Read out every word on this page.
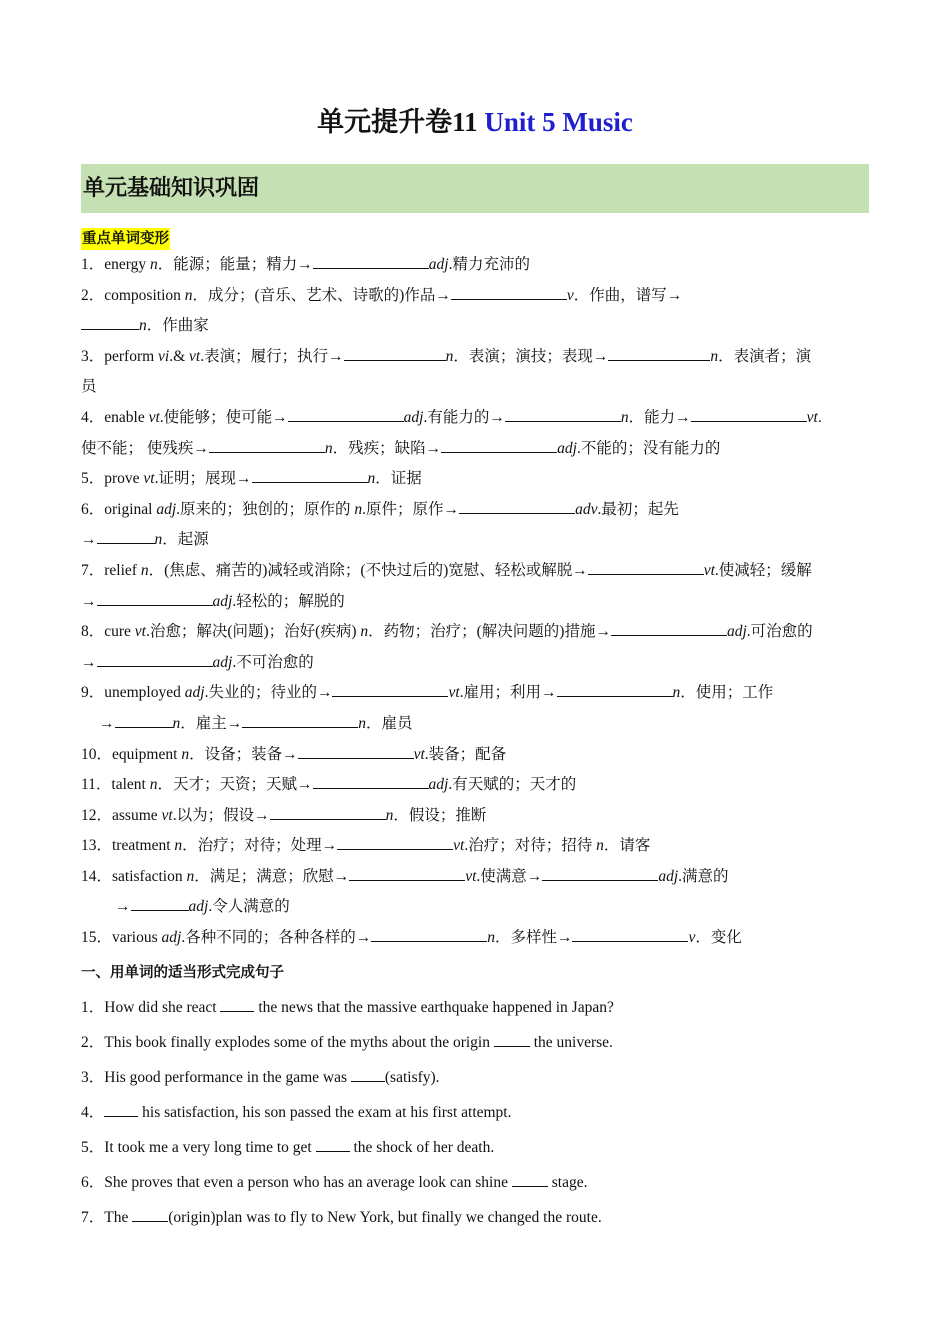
单元提升卷11 Unit 5 Music
单元基础知识巩固
重点单词变形
1．energy n．能源；能量；精力→	adj.精力充沛的
2．composition n．成分；(音乐、艺术、诗歌的)作品→	v．作曲，谱写→
n．作曲家
3．perform vi.& vt.表演；履行；执行→	n．表演；演技；表现→	n．表演者；演
员
4．enable vt.使能够；使可能→	adj.有能力的→	n．能力→	vt.
使不能； 使残疾→	n．残疾；缺陷→	adj.不能的；没有能力的
5．prove vt.证明；展现→	n．证据
6．original adj.原来的；独创的；原作的 n.原件；原作→	adv.最初；起先
→	n．起源
7．relief n．(焦虑、痛苦的)减轻或消除；(不快过后的)宽慰、轻松或解脱→	vt.使减轻；缓解
→	adj.轻松的；解脱的
8．cure vt.治愈；解决(问题)；治好(疾病) n．药物；治疗；(解决问题的)措施→	adj.可治愈的
→	adj.不可治愈的
9．unemployed adj.失业的；待业的→	vt.雇用；利用→	n．使用；工作
→	n．雇主→	n．雇员
10．equipment n．设备；装备→	vt.装备；配备
11．talent n．天才；天资；天赋→	adj.有天赋的；天才的
12．assume vt.以为；假设→	n．假设；推断
13．treatment n．治疗；对待；处理→	vt.治疗；对待；招待 n．请客
14．satisfaction n．满足；满意；欣慰→	vt.使满意→	adj.满意的
→	adj.令人满意的
15．various adj.各种不同的；各种各样的→	n．多样性→	v．变化
一、用单词的适当形式完成句子
1．How did she react  the news that the massive earthquake happened in Japan?
2．This book finally explodes some of the myths about the origin  the universe.
3．His good performance in the game was (satisfy).
4． his satisfaction, his son passed the exam at his first attempt.
5．It took me a very long time to get  the shock of her death.
6．She proves that even a person who has an average look can shine  stage.
7．The (origin)plan was to fly to New York, but finally we changed the route.
